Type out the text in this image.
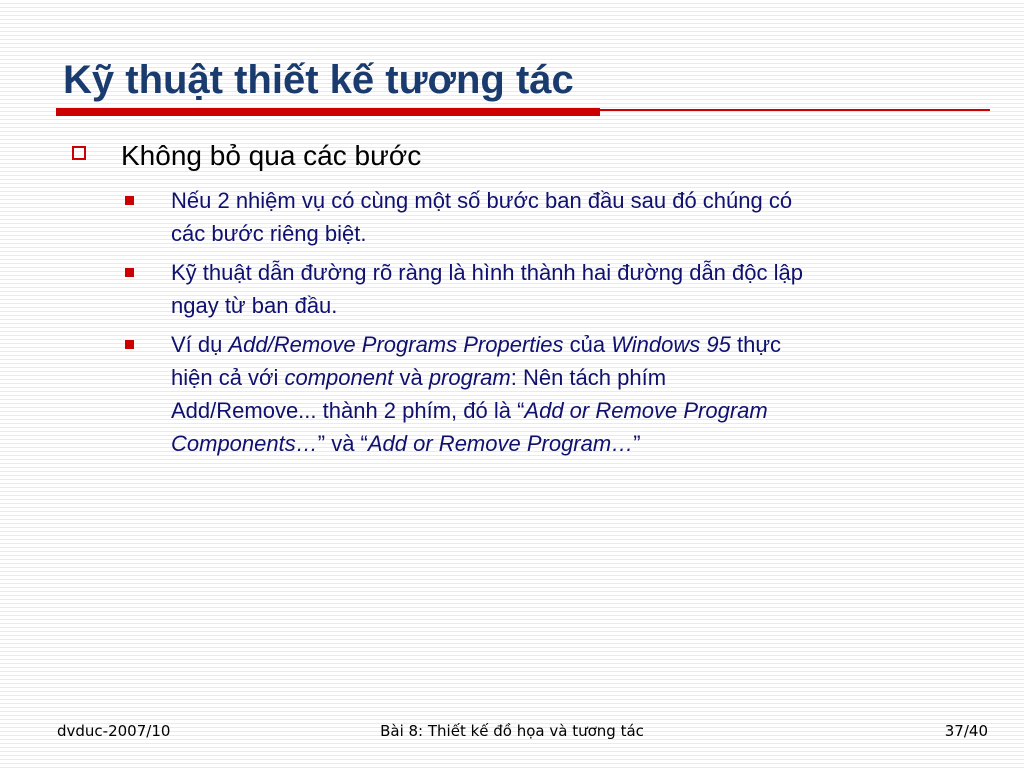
Kỹ thuật thiết kế tương tác
Không bỏ qua các bước

Nếu 2 nhiệm vụ có cùng một số bước ban đầu sau đó chúng có

các bước riêng biệt.

Kỹ thuật dẫn đường rõ ràng là hình thành hai đường dẫn độc lập

ngay từ ban đầu.

Ví dụ Add/Remove Programs Properties của Windows 95 thực

hiện cả với component và program: Nên tách phím

Add/Remove... thành 2 phím, đó là “Add or Remove Program

Components…” và “Add or Remove Program…”

dvduc-2007/10	Bài 8: Thiết kế đồ họa và tương tác	37/40
